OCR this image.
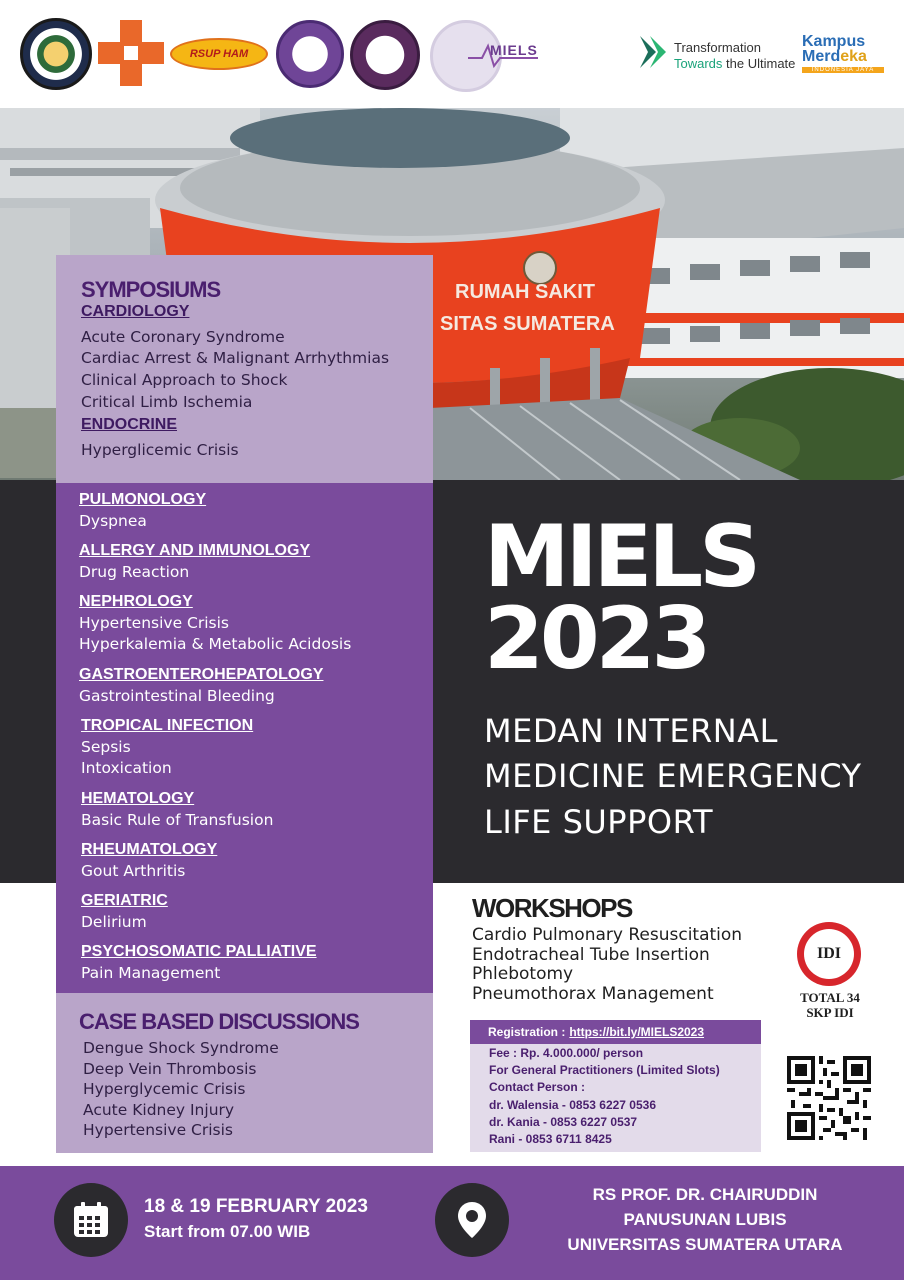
RSUP HAM	MIELS	Transformation
Towards the Ultimate
Kampus
Merdeka
INDONESIA JAYA
RUMAH SAKIT
SITAS SUMATERA
SYMPOSIUMS
CARDIOLOGY
Acute Coronary Syndrome
Cardiac Arrest & Malignant Arrhythmias
Clinical Approach to Shock
Critical Limb Ischemia
ENDOCRINE
Hyperglicemic Crisis
PULMONOLOGY
Dyspnea
ALLERGY AND IMMUNOLOGY
Drug Reaction
NEPHROLOGY
Hypertensive Crisis
Hyperkalemia & Metabolic Acidosis
GASTROENTEROHEPATOLOGY
Gastrointestinal Bleeding
TROPICAL INFECTION
Sepsis
Intoxication
HEMATOLOGY
Basic Rule of Transfusion
RHEUMATOLOGY
Gout Arthritis
GERIATRIC
Delirium
PSYCHOSOMATIC PALLIATIVE
Pain Management
CASE BASED DISCUSSIONS
Dengue Shock Syndrome
Deep Vein Thrombosis
Hyperglycemic Crisis
Acute Kidney Injury
Hypertensive Crisis
MIELS
2023
MEDAN INTERNAL
MEDICINE EMERGENCY
LIFE SUPPORT
WORKSHOPS
Cardio Pulmonary Resuscitation
Endotracheal Tube Insertion
Phlebotomy
Pneumothorax Management
IDI
TOTAL 34
SKP IDI
Registration : https://bit.ly/MIELS2023
Fee : Rp. 4.000.000/ person
For General Practitioners (Limited Slots)
Contact Person :
dr. Walensia - 0853 6227 0536
dr. Kania - 0853 6227 0537
Rani - 0853 6711 8425
18 & 19 FEBRUARY 2023
Start from 07.00 WIB
RS PROF. DR. CHAIRUDDIN
PANUSUNAN LUBIS
UNIVERSITAS SUMATERA UTARA
